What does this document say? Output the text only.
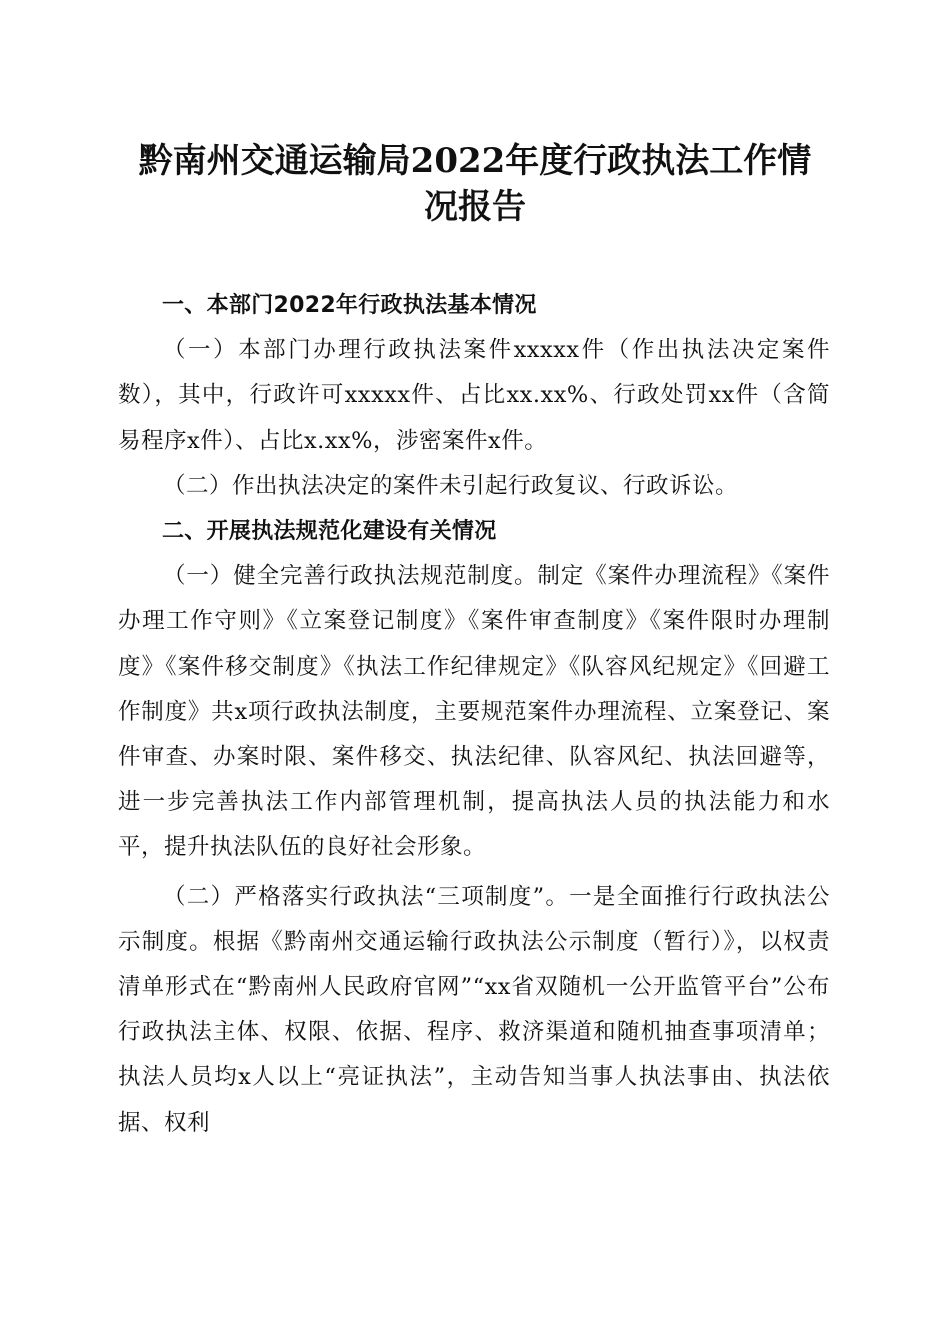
黔南州交通运输局2022年度行政执法工作情
况报告

一、本部门2022年行政执法基本情况

（一）本部门办理行政执法案件xxxxx件（作出执法决定案件数），其中，行政许可xxxxx件、占比xx.xx%、行政处罚xx件（含简易程序x件）、占比x.xx%，涉密案件x件。

（二）作出执法决定的案件未引起行政复议、行政诉讼。

二、开展执法规范化建设有关情况

（一）健全完善行政执法规范制度。制定《案件办理流程》《案件办理工作守则》《立案登记制度》《案件审查制度》《案件限时办理制度》《案件移交制度》《执法工作纪律规定》《队容风纪规定》《回避工作制度》共x项行政执法制度，主要规范案件办理流程、立案登记、案件审查、办案时限、案件移交、执法纪律、队容风纪、执法回避等，进一步完善执法工作内部管理机制，提高执法人员的执法能力和水平，提升执法队伍的良好社会形象。

（二）严格落实行政执法“三项制度”。一是全面推行行政执法公示制度。根据《黔南州交通运输行政执法公示制度（暂行）》，以权责清单形式在“黔南州人民政府官网”“xx省双随机一公开监管平台”公布行政执法主体、权限、依据、程序、救济渠道和随机抽查事项清单；执法人员均x人以上“亮证执法”，主动告知当事人执法事由、执法依据、权利
